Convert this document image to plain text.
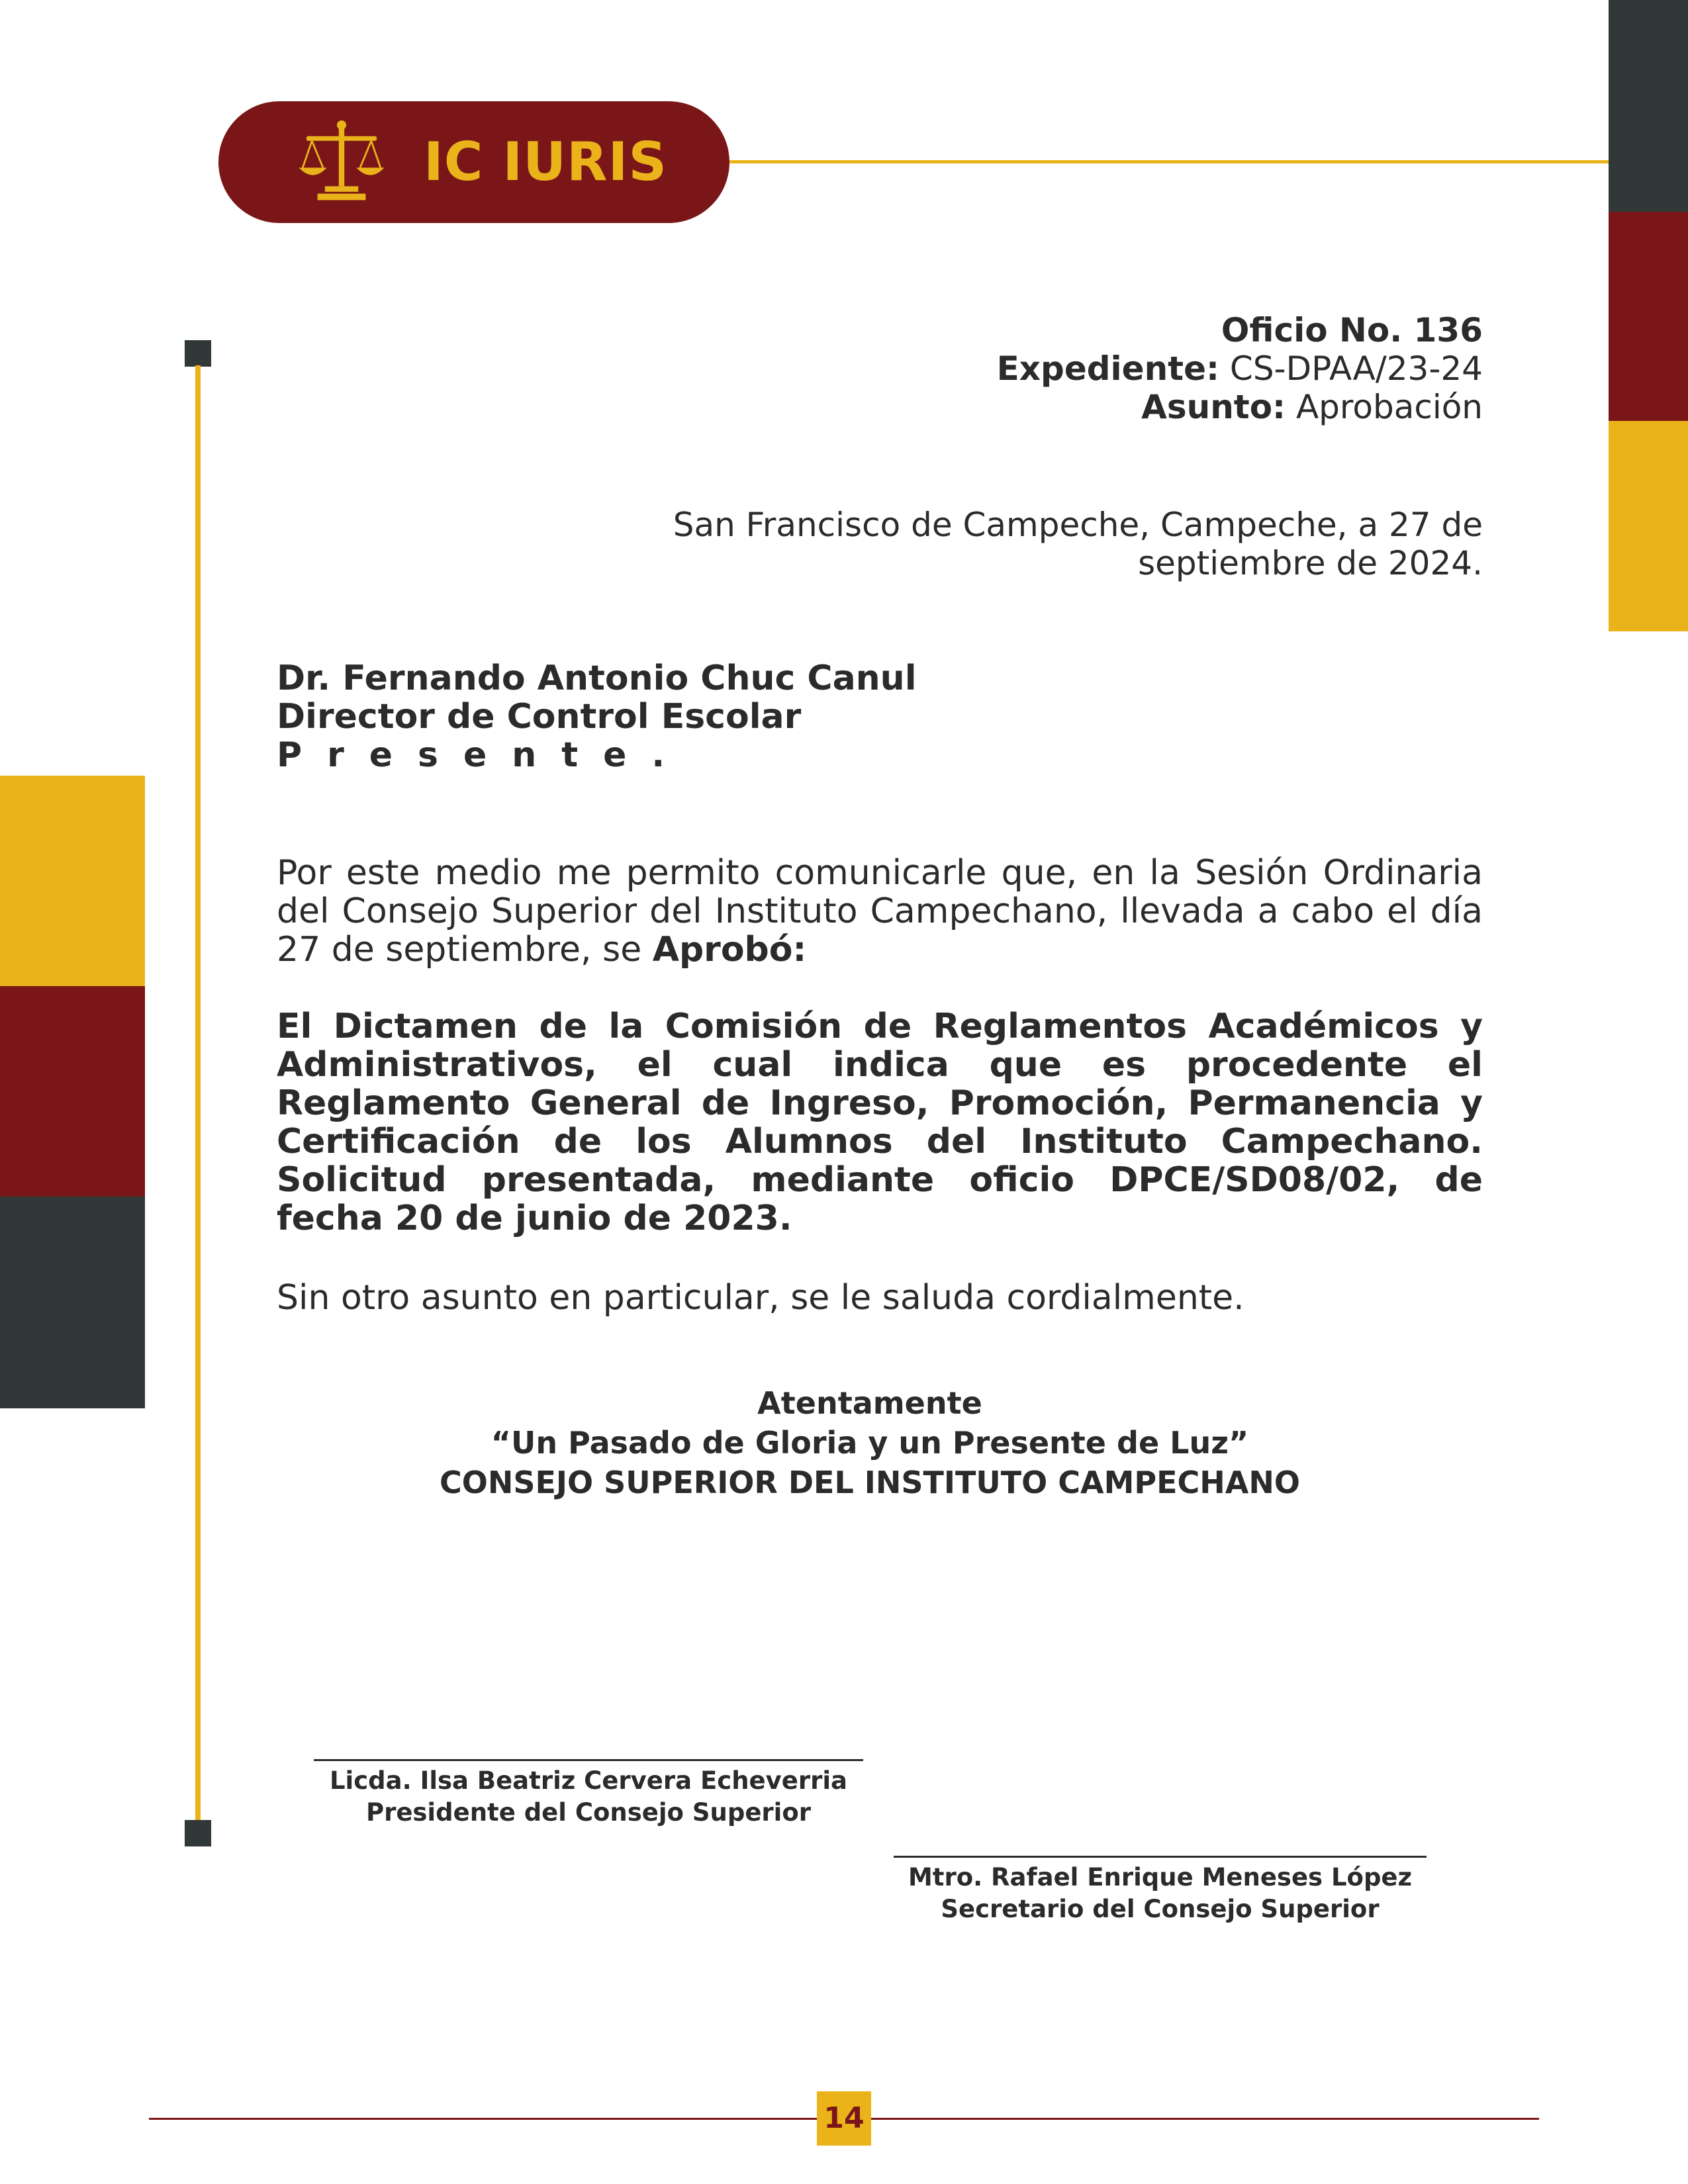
IC IURIS
Oficio No. 136
Expediente: CS-DPAA/23-24
Asunto: Aprobación
San Francisco de Campeche, Campeche, a 27 de
septiembre de 2024.
Dr. Fernando Antonio Chuc Canul
Director de Control Escolar
Presente.
Por este medio me permito comunicarle que, en la Sesión Ordinaria del Consejo Superior del Instituto Campechano, llevada a cabo el día 27 de septiembre, se Aprobó:
El Dictamen de la Comisión de Reglamentos Académicos y Administrativos, el cual indica que es procedente el Reglamento General de Ingreso, Promoción, Permanencia y Certificación de los Alumnos del Instituto Campechano. Solicitud presentada, mediante oficio DPCE/SD08/02, de fecha 20 de junio de 2023.
Sin otro asunto en particular, se le saluda cordialmente.
Atentamente
“Un Pasado de Gloria y un Presente de Luz”
CONSEJO SUPERIOR DEL INSTITUTO CAMPECHANO
Licda. Ilsa Beatriz Cervera Echeverria
Presidente del Consejo Superior
Mtro. Rafael Enrique Meneses López
Secretario del Consejo Superior
14
